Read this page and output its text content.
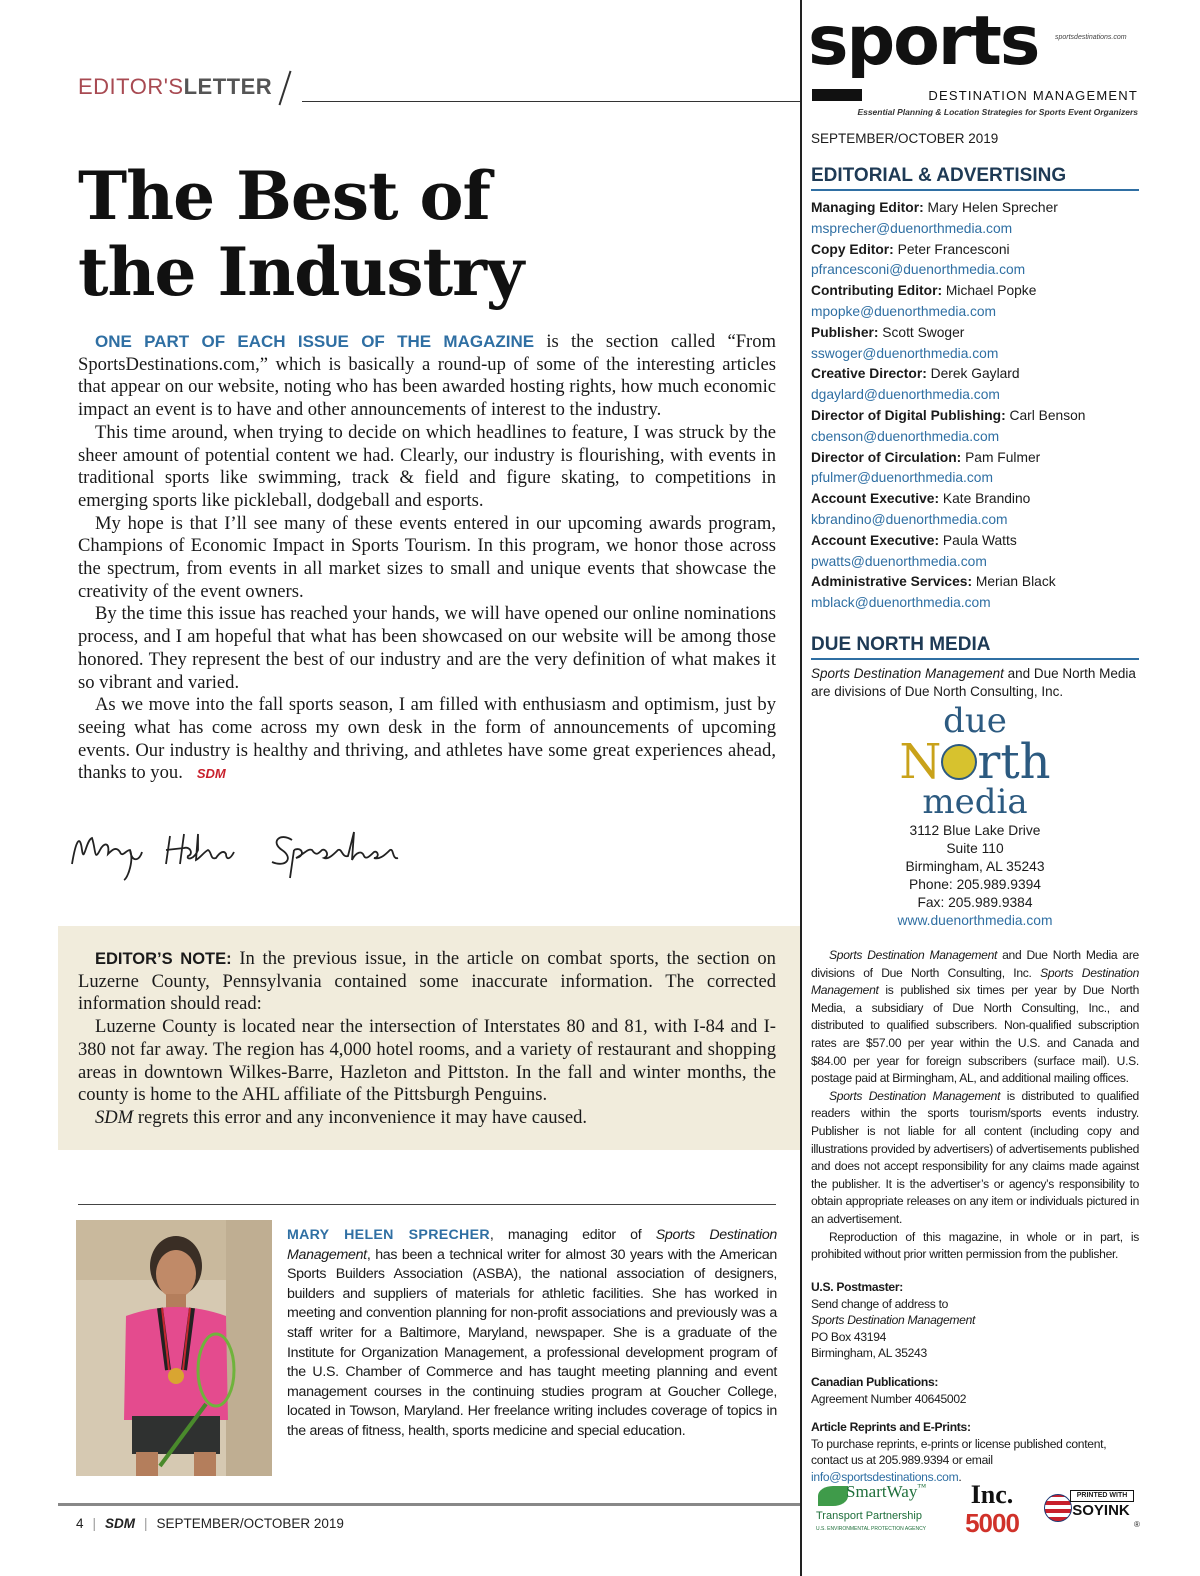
EDITOR'SLETTER
The Best of
the Industry

ONE PART OF EACH ISSUE OF THE MAGAZINE is the section called “From SportsDestinations.com,” which is basically a round-up of some of the interesting articles that appear on our website, noting who has been awarded hosting rights, how much economic impact an event is to have and other announcements of interest to the industry.

This time around, when trying to decide on which headlines to feature, I was struck by the sheer amount of potential content we had. Clearly, our industry is flourishing, with events in traditional sports like swimming, track & field and figure skating, to competitions in emerging sports like pickleball, dodgeball and esports.

My hope is that I’ll see many of these events entered in our upcoming awards program, Champions of Economic Impact in Sports Tourism. In this program, we honor those across the spectrum, from events in all market sizes to small and unique events that showcase the creativity of the event owners.

By the time this issue has reached your hands, we will have opened our online nominations process, and I am hopeful that what has been showcased on our website will be among those honored. They represent the best of our industry and are the very definition of what makes it so vibrant and varied.

As we move into the fall sports season, I am filled with enthusiasm and optimism, just by seeing what has come across my own desk in the form of announcements of upcoming events. Our industry is healthy and thriving, and athletes have some great experiences ahead, thanks to you. SDM

EDITOR’S NOTE: In the previous issue, in the article on combat sports, the section on Luzerne County, Pennsylvania contained some inaccurate information. The corrected information should read:

Luzerne County is located near the intersection of Interstates 80 and 81, with I-84 and I-380 not far away. The region has 4,000 hotel rooms, and a variety of restaurant and shopping areas in downtown Wilkes-Barre, Hazleton and Pittston. In the fall and winter months, the county is home to the AHL affiliate of the Pittsburgh Penguins.

SDM regrets this error and any inconvenience it may have caused.

MARY HELEN SPRECHER, managing editor of Sports Destination Management, has been a technical writer for almost 30 years with the American Sports Builders Association (ASBA), the national association of designers, builders and suppliers of materials for athletic facilities. She has worked in meeting and convention planning for non-profit associations and previously was a staff writer for a Baltimore, Maryland, newspaper. She is a graduate of the Institute for Organization Management, a professional development program of the U.S. Chamber of Commerce and has taught meeting planning and event management courses in the continuing studies program at Goucher College, located in Towson, Maryland. Her freelance writing includes coverage of topics in the areas of fitness, health, sports medicine and special education.
4 | SDM | SEPTEMBER/OCTOBER 2019
sportsdestinations.com
sports
DESTINATION MANAGEMENT
Essential Planning & Location Strategies for Sports Event Organizers
SEPTEMBER/OCTOBER 2019
EDITORIAL & ADVERTISING
Managing Editor: Mary Helen Sprecher
msprecher@duenorthmedia.com
Copy Editor: Peter Francesconi
pfrancesconi@duenorthmedia.com
Contributing Editor: Michael Popke
mpopke@duenorthmedia.com
Publisher: Scott Swoger
sswoger@duenorthmedia.com
Creative Director: Derek Gaylard
dgaylard@duenorthmedia.com
Director of Digital Publishing: Carl Benson
cbenson@duenorthmedia.com
Director of Circulation: Pam Fulmer
pfulmer@duenorthmedia.com
Account Executive: Kate Brandino
kbrandino@duenorthmedia.com
Account Executive: Paula Watts
pwatts@duenorthmedia.com
Administrative Services: Merian Black
mblack@duenorthmedia.com
DUE NORTH MEDIA
Sports Destination Management and Due North Media are divisions of Due North Consulting, Inc.
due
N rth
media
3112 Blue Lake Drive
Suite 110
Birmingham, AL 35243
Phone: 205.989.9394
Fax: 205.989.9384
www.duenorthmedia.com

Sports Destination Management and Due North Media are divisions of Due North Consulting, Inc. Sports Destination Management is published six times per year by Due North Media, a subsidiary of Due North Consulting, Inc., and distributed to qualified subscribers. Non-qualified subscription rates are $57.00 per year within the U.S. and Canada and $84.00 per year for foreign subscribers (surface mail). U.S. postage paid at Birmingham, AL, and additional mailing offices.

Sports Destination Management is distributed to qualified readers within the sports tourism/sports events industry. Publisher is not liable for all content (including copy and illustrations provided by advertisers) of advertisements published and does not accept responsibility for any claims made against the publisher. It is the advertiser’s or agency’s responsibility to obtain appropriate releases on any item or individuals pictured in an advertisement.

Reproduction of this magazine, in whole or in part, is prohibited without prior written permission from the publisher.

U.S. Postmaster:
Send change of address to
Sports Destination Management
PO Box 43194
Birmingham, AL 35243
Canadian Publications:
Agreement Number 40645002
Article Reprints and E-Prints:
To purchase reprints, e-prints or license published content, contact us at 205.989.9394 or email info@sportsdestinations.com.
SmartWay™
Transport Partnership
U.S. ENVIRONMENTAL PROTECTION AGENCY
Inc.
5000
PRINTED WITH
SOYINK
®
